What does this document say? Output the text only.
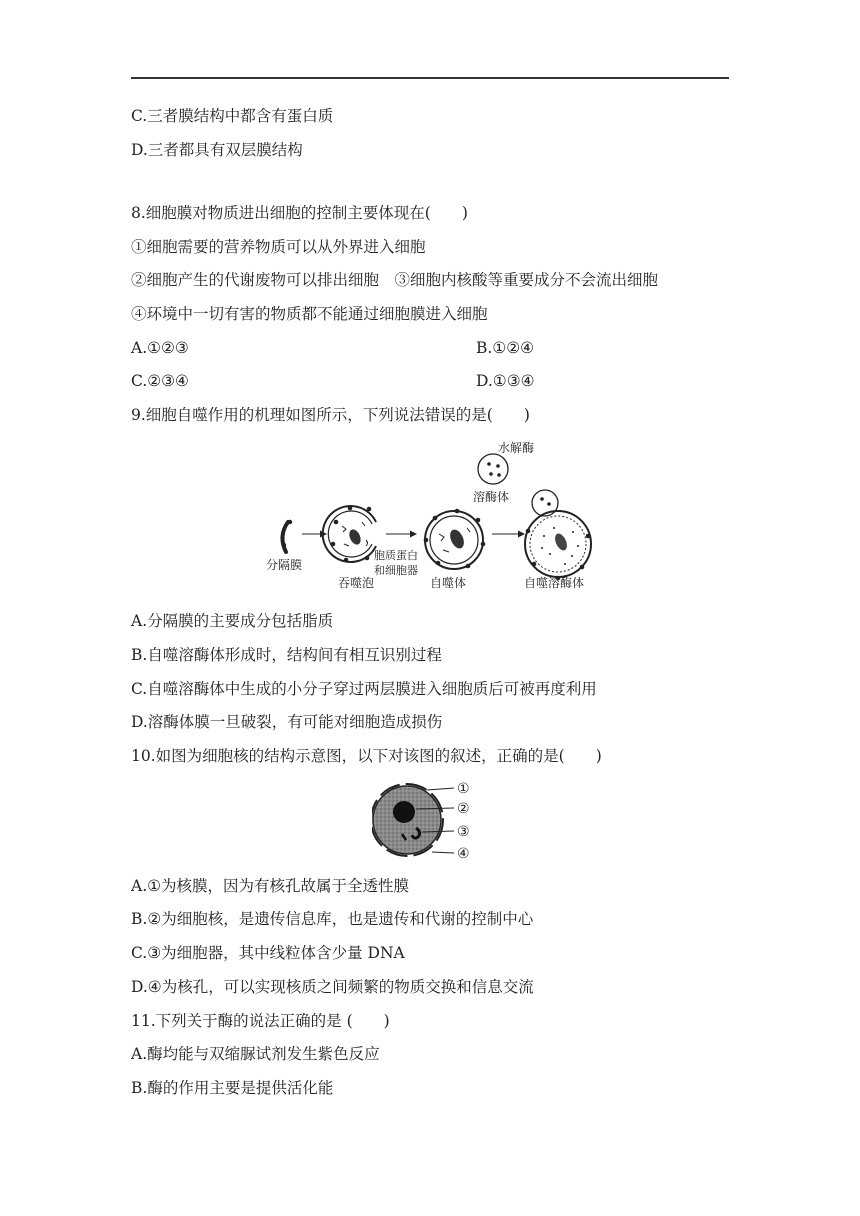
C.三者膜结构中都含有蛋白质
D.三者都具有双层膜结构
8.细胞膜对物质进出细胞的控制主要体现在(　　)
①细胞需要的营养物质可以从外界进入细胞
②细胞产生的代谢废物可以排出细胞　③细胞内核酸等重要成分不会流出细胞
④环境中一切有害的物质都不能通过细胞膜进入细胞
A.①②③	B.①②④
C.②③④	D.①③④
9.细胞自噬作用的机理如图所示，下列说法错误的是(　　)
分隔膜
吞噬泡
胞质蛋白
和细胞器
自噬体
水解酶
溶酶体
自噬溶酶体
A.分隔膜的主要成分包括脂质
B.自噬溶酶体形成时，结构间有相互识别过程
C.自噬溶酶体中生成的小分子穿过两层膜进入细胞质后可被再度利用
D.溶酶体膜一旦破裂，有可能对细胞造成损伤
10.如图为细胞核的结构示意图，以下对该图的叙述，正确的是(　　)
①
②
③
④
A.①为核膜，因为有核孔故属于全透性膜
B.②为细胞核，是遗传信息库，也是遗传和代谢的控制中心
C.③为细胞器，其中线粒体含少量 DNA
D.④为核孔，可以实现核质之间频繁的物质交换和信息交流
11.下列关于酶的说法正确的是 (　　)
A.酶均能与双缩脲试剂发生紫色反应
B.酶的作用主要是提供活化能
